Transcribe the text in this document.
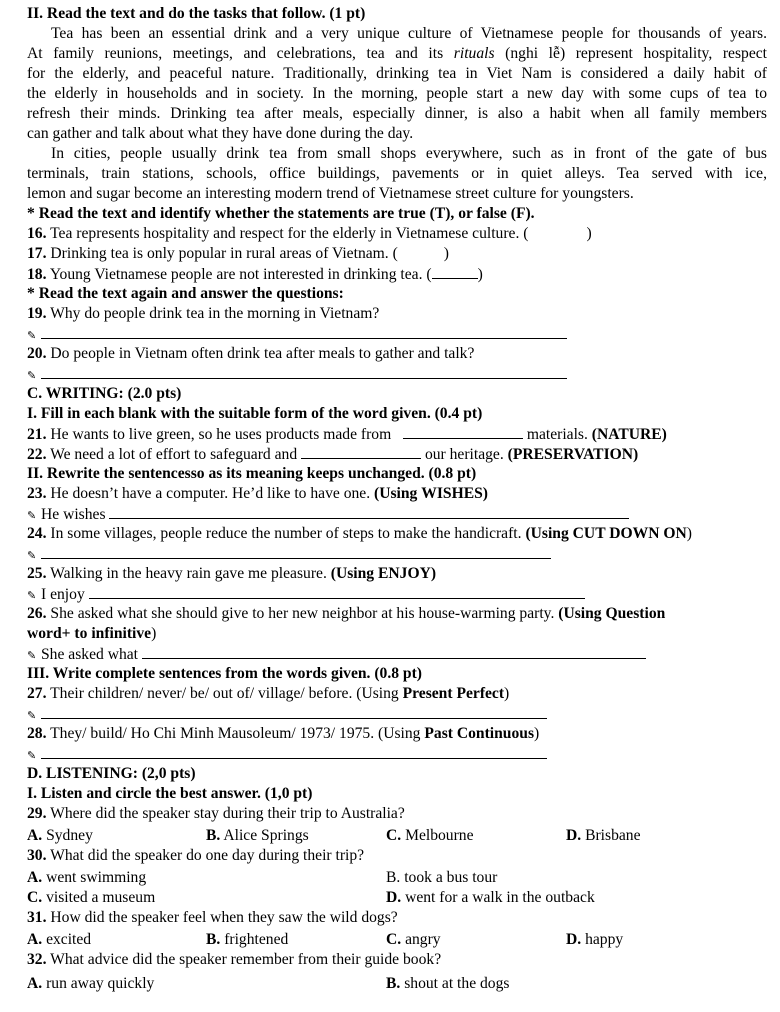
II. Read the text and do the tasks that follow. (1 pt)
Tea has been an essential drink and a very unique culture of Vietnamese people for thousands of years.
At family reunions, meetings, and celebrations, tea and its rituals (nghi lễ) represent hospitality, respect
for the elderly, and peaceful nature. Traditionally, drinking tea in Viet Nam is considered a daily habit of
the elderly in households and in society. In the morning, people start a new day with some cups of tea to
refresh their minds. Drinking tea after meals, especially dinner, is also a habit when all family members
can gather and talk about what they have done during the day.
In cities, people usually drink tea from small shops everywhere, such as in front of the gate of bus
terminals, train stations, schools, office buildings, pavements or in quiet alleys. Tea served with ice,
lemon and sugar become an interesting modern trend of Vietnamese street culture for youngsters.
* Read the text and identify whether the statements are true (T), or false (F).
16. Tea represents hospitality and respect for the elderly in Vietnamese culture. (	)
17. Drinking tea is only popular in rural areas of Vietnam. (	)
18. Young Vietnamese people are not interested in drinking tea. (	)
* Read the text again and answer the questions:
19. Why do people drink tea in the morning in Vietnam?
✎
20. Do people in Vietnam often drink tea after meals to gather and talk?
✎
C. WRITING: (2.0 pts)
I. Fill in each blank with the suitable form of the word given. (0.4 pt)
21. He wants to live green, so he uses products made from	materials. (NATURE)
22. We need a lot of effort to safeguard and	our heritage. (PRESERVATION)
II. Rewrite the sentencesso as its meaning keeps unchanged. (0.8 pt)
23. He doesn’t have a computer. He’d like to have one. (Using WISHES)
✎ He wishes
24. In some villages, people reduce the number of steps to make the handicraft. (Using CUT DOWN ON)
✎
25. Walking in the heavy rain gave me pleasure. (Using ENJOY)
✎ I enjoy
26. She asked what she should give to her new neighbor at his house-warming party. (Using Question
word+ to infinitive)
✎ She asked what
III. Write complete sentences from the words given. (0.8 pt)
27. Their children/ never/ be/ out of/ village/ before. (Using Present Perfect)
✎
28. They/ build/ Ho Chi Minh Mausoleum/ 1973/ 1975. (Using Past Continuous)
✎
D. LISTENING: (2,0 pts)
I. Listen and circle the best answer. (1,0 pt)
29. Where did the speaker stay during their trip to Australia?
A. Sydney	B. Alice Springs	C. Melbourne	D. Brisbane
30. What did the speaker do one day during their trip?
A. went swimming	B. took a bus tour
C. visited a museum	D. went for a walk in the outback
31. How did the speaker feel when they saw the wild dogs?
A. excited	B. frightened	C. angry	D. happy
32. What advice did the speaker remember from their guide book?
A. run away quickly	B. shout at the dogs
